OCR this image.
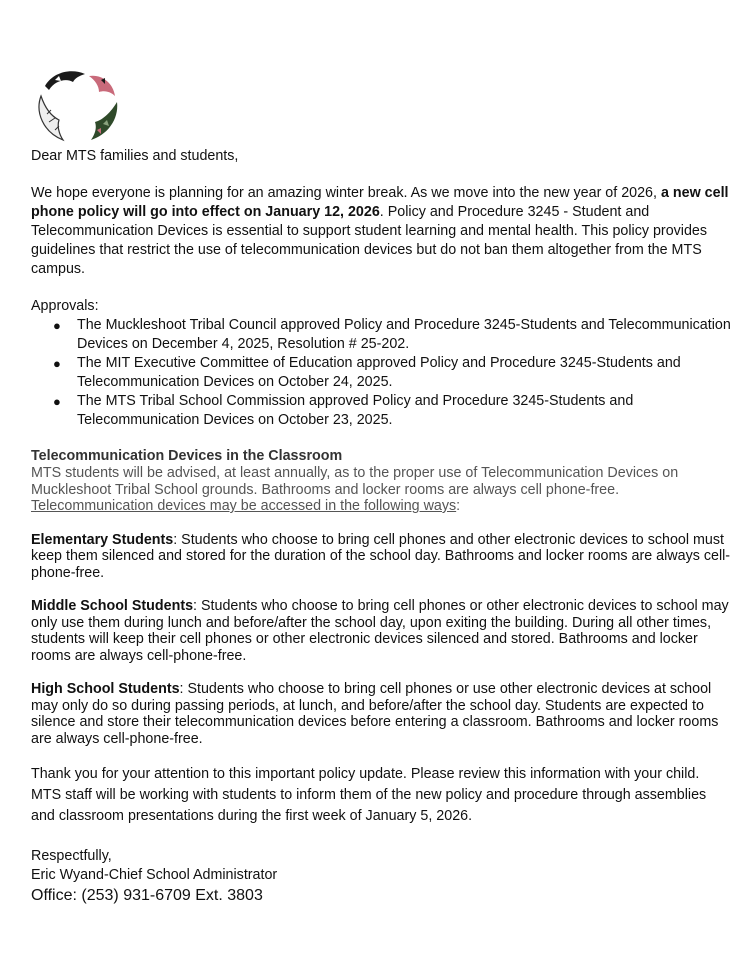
Dear MTS families and students,

We hope everyone is planning for an amazing winter break. As we move into the new year of 2026, a new cell phone policy will go into effect on January 12, 2026. Policy and Procedure 3245 - Student and Telecommunication Devices is essential to support student learning and mental health. This policy provides guidelines that restrict the use of telecommunication devices but do not ban them altogether from the MTS campus.

Approvals:

● The Muckleshoot Tribal Council approved Policy and Procedure 3245-Students and Telecommunication Devices on December 4, 2025, Resolution # 25-202.
● The MIT Executive Committee of Education approved Policy and Procedure 3245-Students and Telecommunication Devices on October 24, 2025.
● The MTS Tribal School Commission approved Policy and Procedure 3245-Students and Telecommunication Devices on October 23, 2025.

Telecommunication Devices in the Classroom

MTS students will be advised, at least annually, as to the proper use of Telecommunication Devices on Muckleshoot Tribal School grounds. Bathrooms and locker rooms are always cell phone-free. Telecommunication devices may be accessed in the following ways:

Elementary Students: Students who choose to bring cell phones and other electronic devices to school must keep them silenced and stored for the duration of the school day. Bathrooms and locker rooms are always cell-phone-free.

Middle School Students: Students who choose to bring cell phones or other electronic devices to school may only use them during lunch and before/after the school day, upon exiting the building. During all other times, students will keep their cell phones or other electronic devices silenced and stored. Bathrooms and locker rooms are always cell-phone-free.

High School Students: Students who choose to bring cell phones or use other electronic devices at school may only do so during passing periods, at lunch, and before/after the school day. Students are expected to silence and store their telecommunication devices before entering a classroom. Bathrooms and locker rooms are always cell-phone-free.

Thank you for your attention to this important policy update. Please review this information with your child. MTS staff will be working with students to inform them of the new policy and procedure through assemblies and classroom presentations during the first week of January 5, 2026.

Respectfully,

Eric Wyand-Chief School Administrator

Office: (253) 931-6709 Ext. 3803
